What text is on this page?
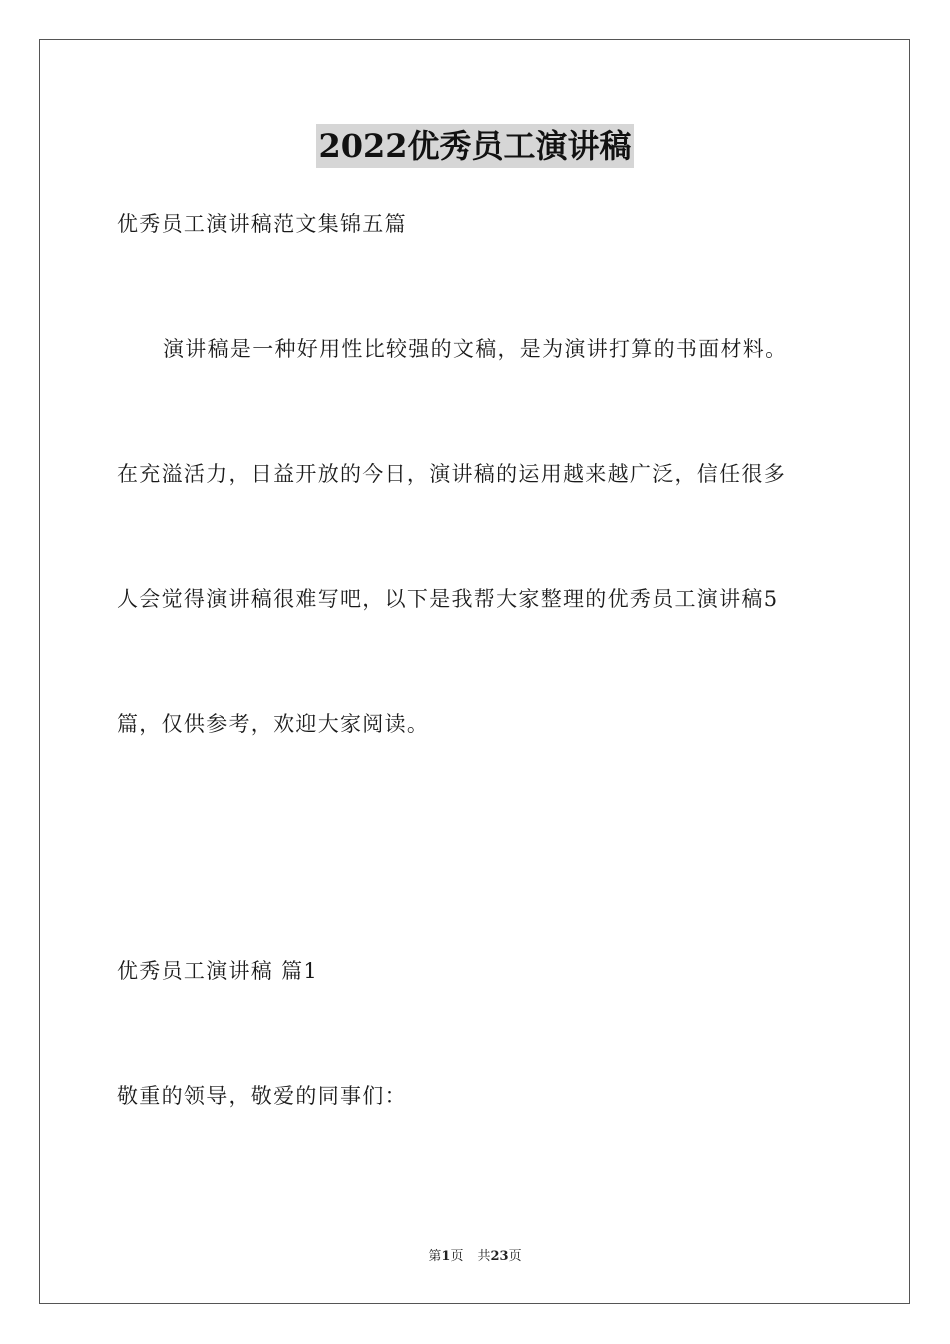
2022优秀员工演讲稿
优秀员工演讲稿范文集锦五篇
演讲稿是一种好用性比较强的文稿，是为演讲打算的书面材料。
在充溢活力，日益开放的今日，演讲稿的运用越来越广泛，信任很多
人会觉得演讲稿很难写吧，以下是我帮大家整理的优秀员工演讲稿5
篇，仅供参考，欢迎大家阅读。
优秀员工演讲稿 篇1
敬重的领导，敬爱的同事们：
第1页 共23页
